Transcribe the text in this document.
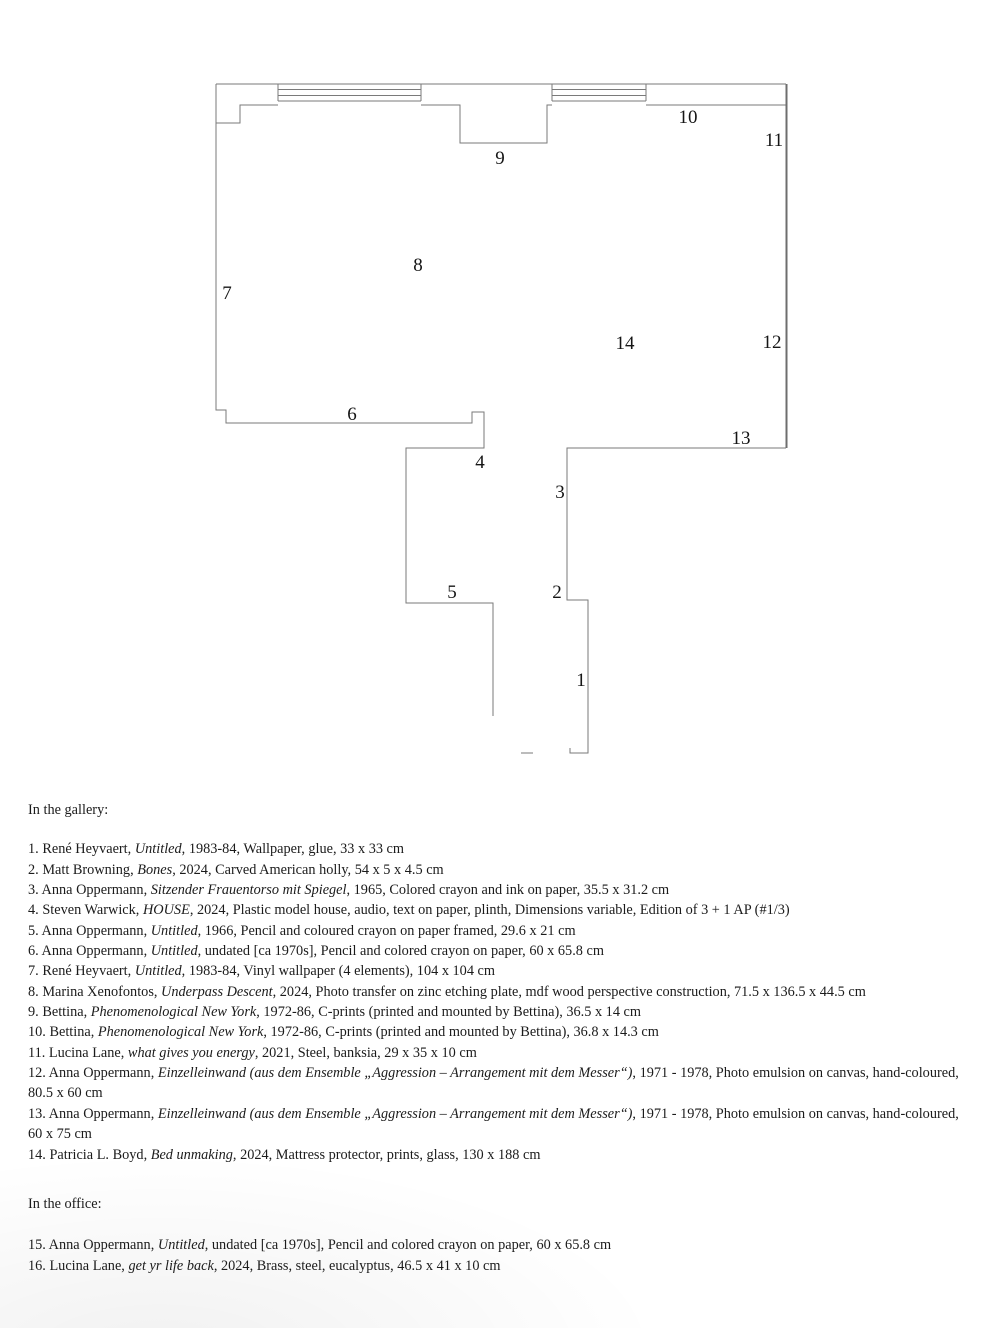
1
2
3
4
5
6
7
8
9
10
11
12
13
14

In the gallery:

1. René Heyvaert, Untitled, 1983-84, Wallpaper, glue, 33 x 33 cm

2. Matt Browning, Bones, 2024, Carved American holly, 54 x 5 x 4.5 cm

3. Anna Oppermann, Sitzender Frauentorso mit Spiegel, 1965, Colored crayon and ink on paper, 35.5 x 31.2 cm

4. Steven Warwick, HOUSE, 2024, Plastic model house, audio, text on paper, plinth, Dimensions variable, Edition of 3 + 1 AP (#1/3)

5. Anna Oppermann, Untitled, 1966, Pencil and coloured crayon on paper framed, 29.6 x 21 cm

6. Anna Oppermann, Untitled, undated [ca 1970s], Pencil and colored crayon on paper, 60 x 65.8 cm

7. René Heyvaert, Untitled, 1983-84, Vinyl wallpaper (4 elements), 104 x 104 cm

8. Marina Xenofontos, Underpass Descent, 2024, Photo transfer on zinc etching plate, mdf wood perspective construction, 71.5 x 136.5 x 44.5 cm

9. Bettina, Phenomenological New York, 1972-86, C-prints (printed and mounted by Bettina), 36.5 x 14 cm

10. Bettina, Phenomenological New York, 1972-86, C-prints (printed and mounted by Bettina), 36.8 x 14.3 cm

11. Lucina Lane, what gives you energy, 2021, Steel, banksia, 29 x 35 x 10 cm

12. Anna Oppermann, Einzelleinwand (aus dem Ensemble „Aggression – Arrangement mit dem Messer“), 1971 - 1978, Photo emulsion on canvas, hand-coloured, 80.5 x 60 cm

13. Anna Oppermann, Einzelleinwand (aus dem Ensemble „Aggression – Arrangement mit dem Messer“), 1971 - 1978, Photo emulsion on canvas, hand-coloured, 60 x 75 cm

14. Patricia L. Boyd, Bed unmaking, 2024, Mattress protector, prints, glass, 130 x 188 cm

In the office:

15. Anna Oppermann, Untitled, undated [ca 1970s], Pencil and colored crayon on paper, 60 x 65.8 cm

16. Lucina Lane, get yr life back, 2024, Brass, steel, eucalyptus, 46.5 x 41 x 10 cm
